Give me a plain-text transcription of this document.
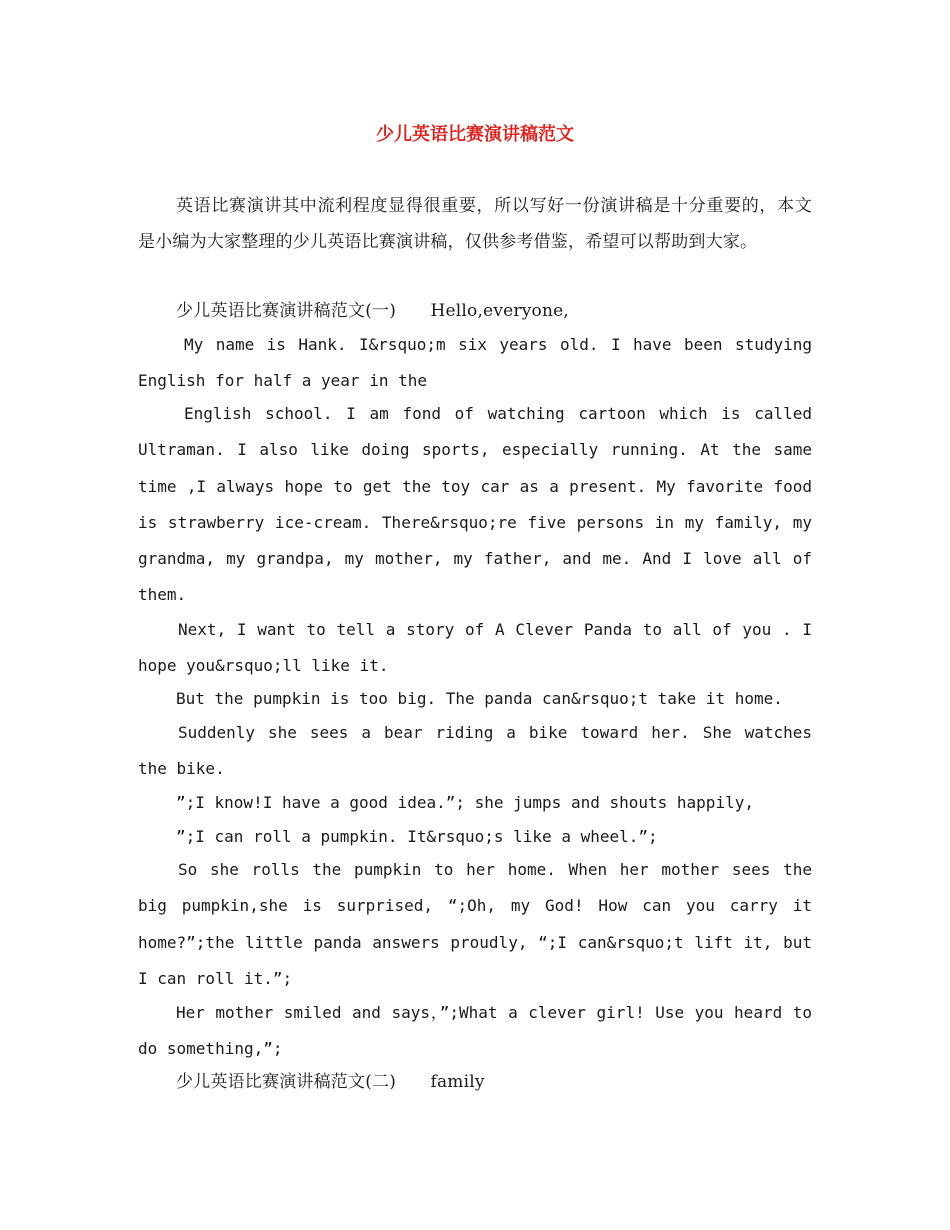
少儿英语比赛演讲稿范文

英语比赛演讲其中流利程度显得很重要，所以写好一份演讲稿是十分重要的，本文是小编为大家整理的少儿英语比赛演讲稿，仅供参考借鉴，希望可以帮助到大家。

少儿英语比赛演讲稿范文(一)　　Hello,everyone,

My name is Hank. I&rsquo;m six years old. I have been studying English for half a year in the

English school. I am fond of watching cartoon which is called Ultraman. I also like doing sports, especially running. At the same time ,I always hope to get the toy car as a present. My favorite food is strawberry ice-cream. There&rsquo;re five persons in my family, my grandma, my grandpa, my mother, my father, and me. And I love all of them.

Next, I want to tell a story of A Clever Panda to all of you . I hope you&rsquo;ll like it.

But the pumpkin is too big. The panda can&rsquo;t take it home.

Suddenly she sees a bear riding a bike toward her. She watches the bike.

”;I know!I have a good idea.”; she jumps and shouts happily,

”;I can roll a pumpkin. It&rsquo;s like a wheel.”;

So she rolls the pumpkin to her home. When her mother sees the big pumpkin,she is surprised, “;Oh, my God! How can you carry it home?”;the little panda answers proudly, “;I can&rsquo;t lift it, but I can roll it.”;

Her mother smiled and says，”;What a clever girl! Use you heard to do something,”;

少儿英语比赛演讲稿范文(二)　　family
